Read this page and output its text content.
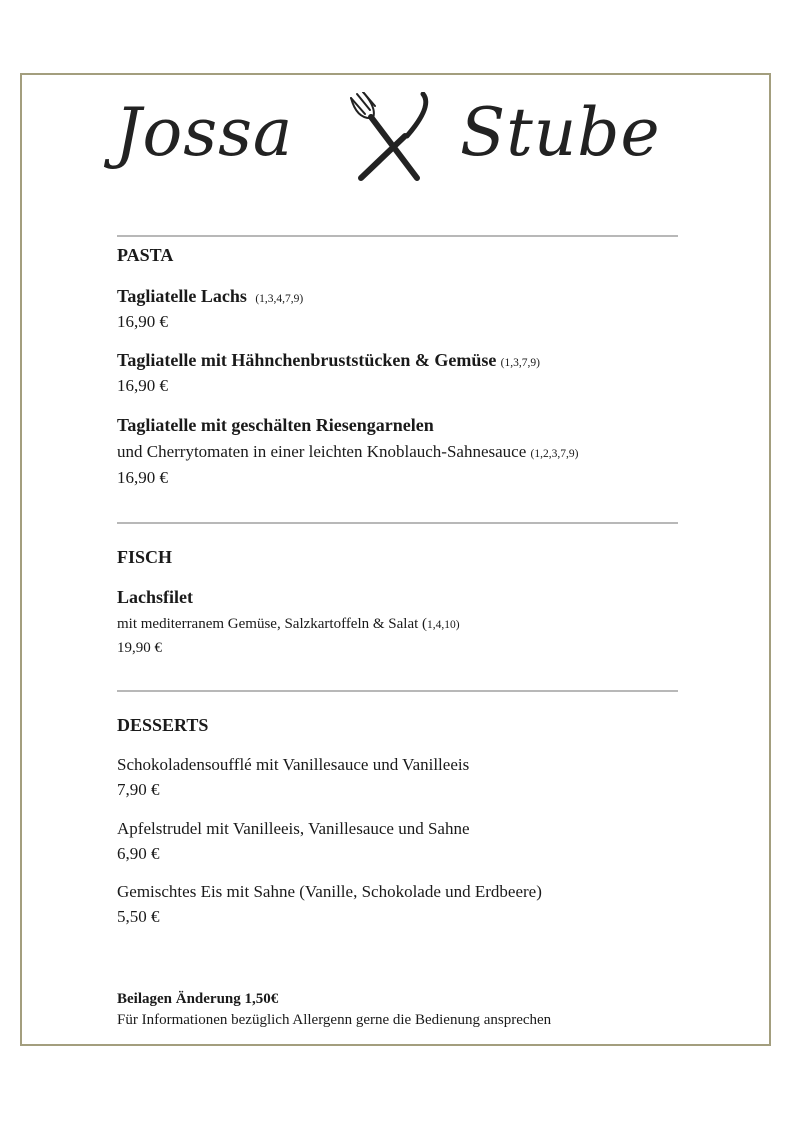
Jossa	Stube
PASTA
Tagliatelle Lachs (1,3,4,7,9)
16,90 €
Tagliatelle mit Hähnchenbruststücken & Gemüse (1,3,7,9)
16,90 €
Tagliatelle mit geschälten Riesengarnelen
und Cherrytomaten in einer leichten Knoblauch-Sahnesauce (1,2,3,7,9)
16,90 €
FISCH
Lachsfilet
mit mediterranem Gemüse, Salzkartoffeln & Salat (1,4,10)
19,90 €
DESSERTS
Schokoladensoufflé mit Vanillesauce und Vanilleeis
7,90 €
Apfelstrudel mit Vanilleeis, Vanillesauce und Sahne
6,90 €
Gemischtes Eis mit Sahne (Vanille, Schokolade und Erdbeere)
5,50 €
Beilagen Änderung 1,50€
Für Informationen bezüglich Allergenn gerne die Bedienung ansprechen
